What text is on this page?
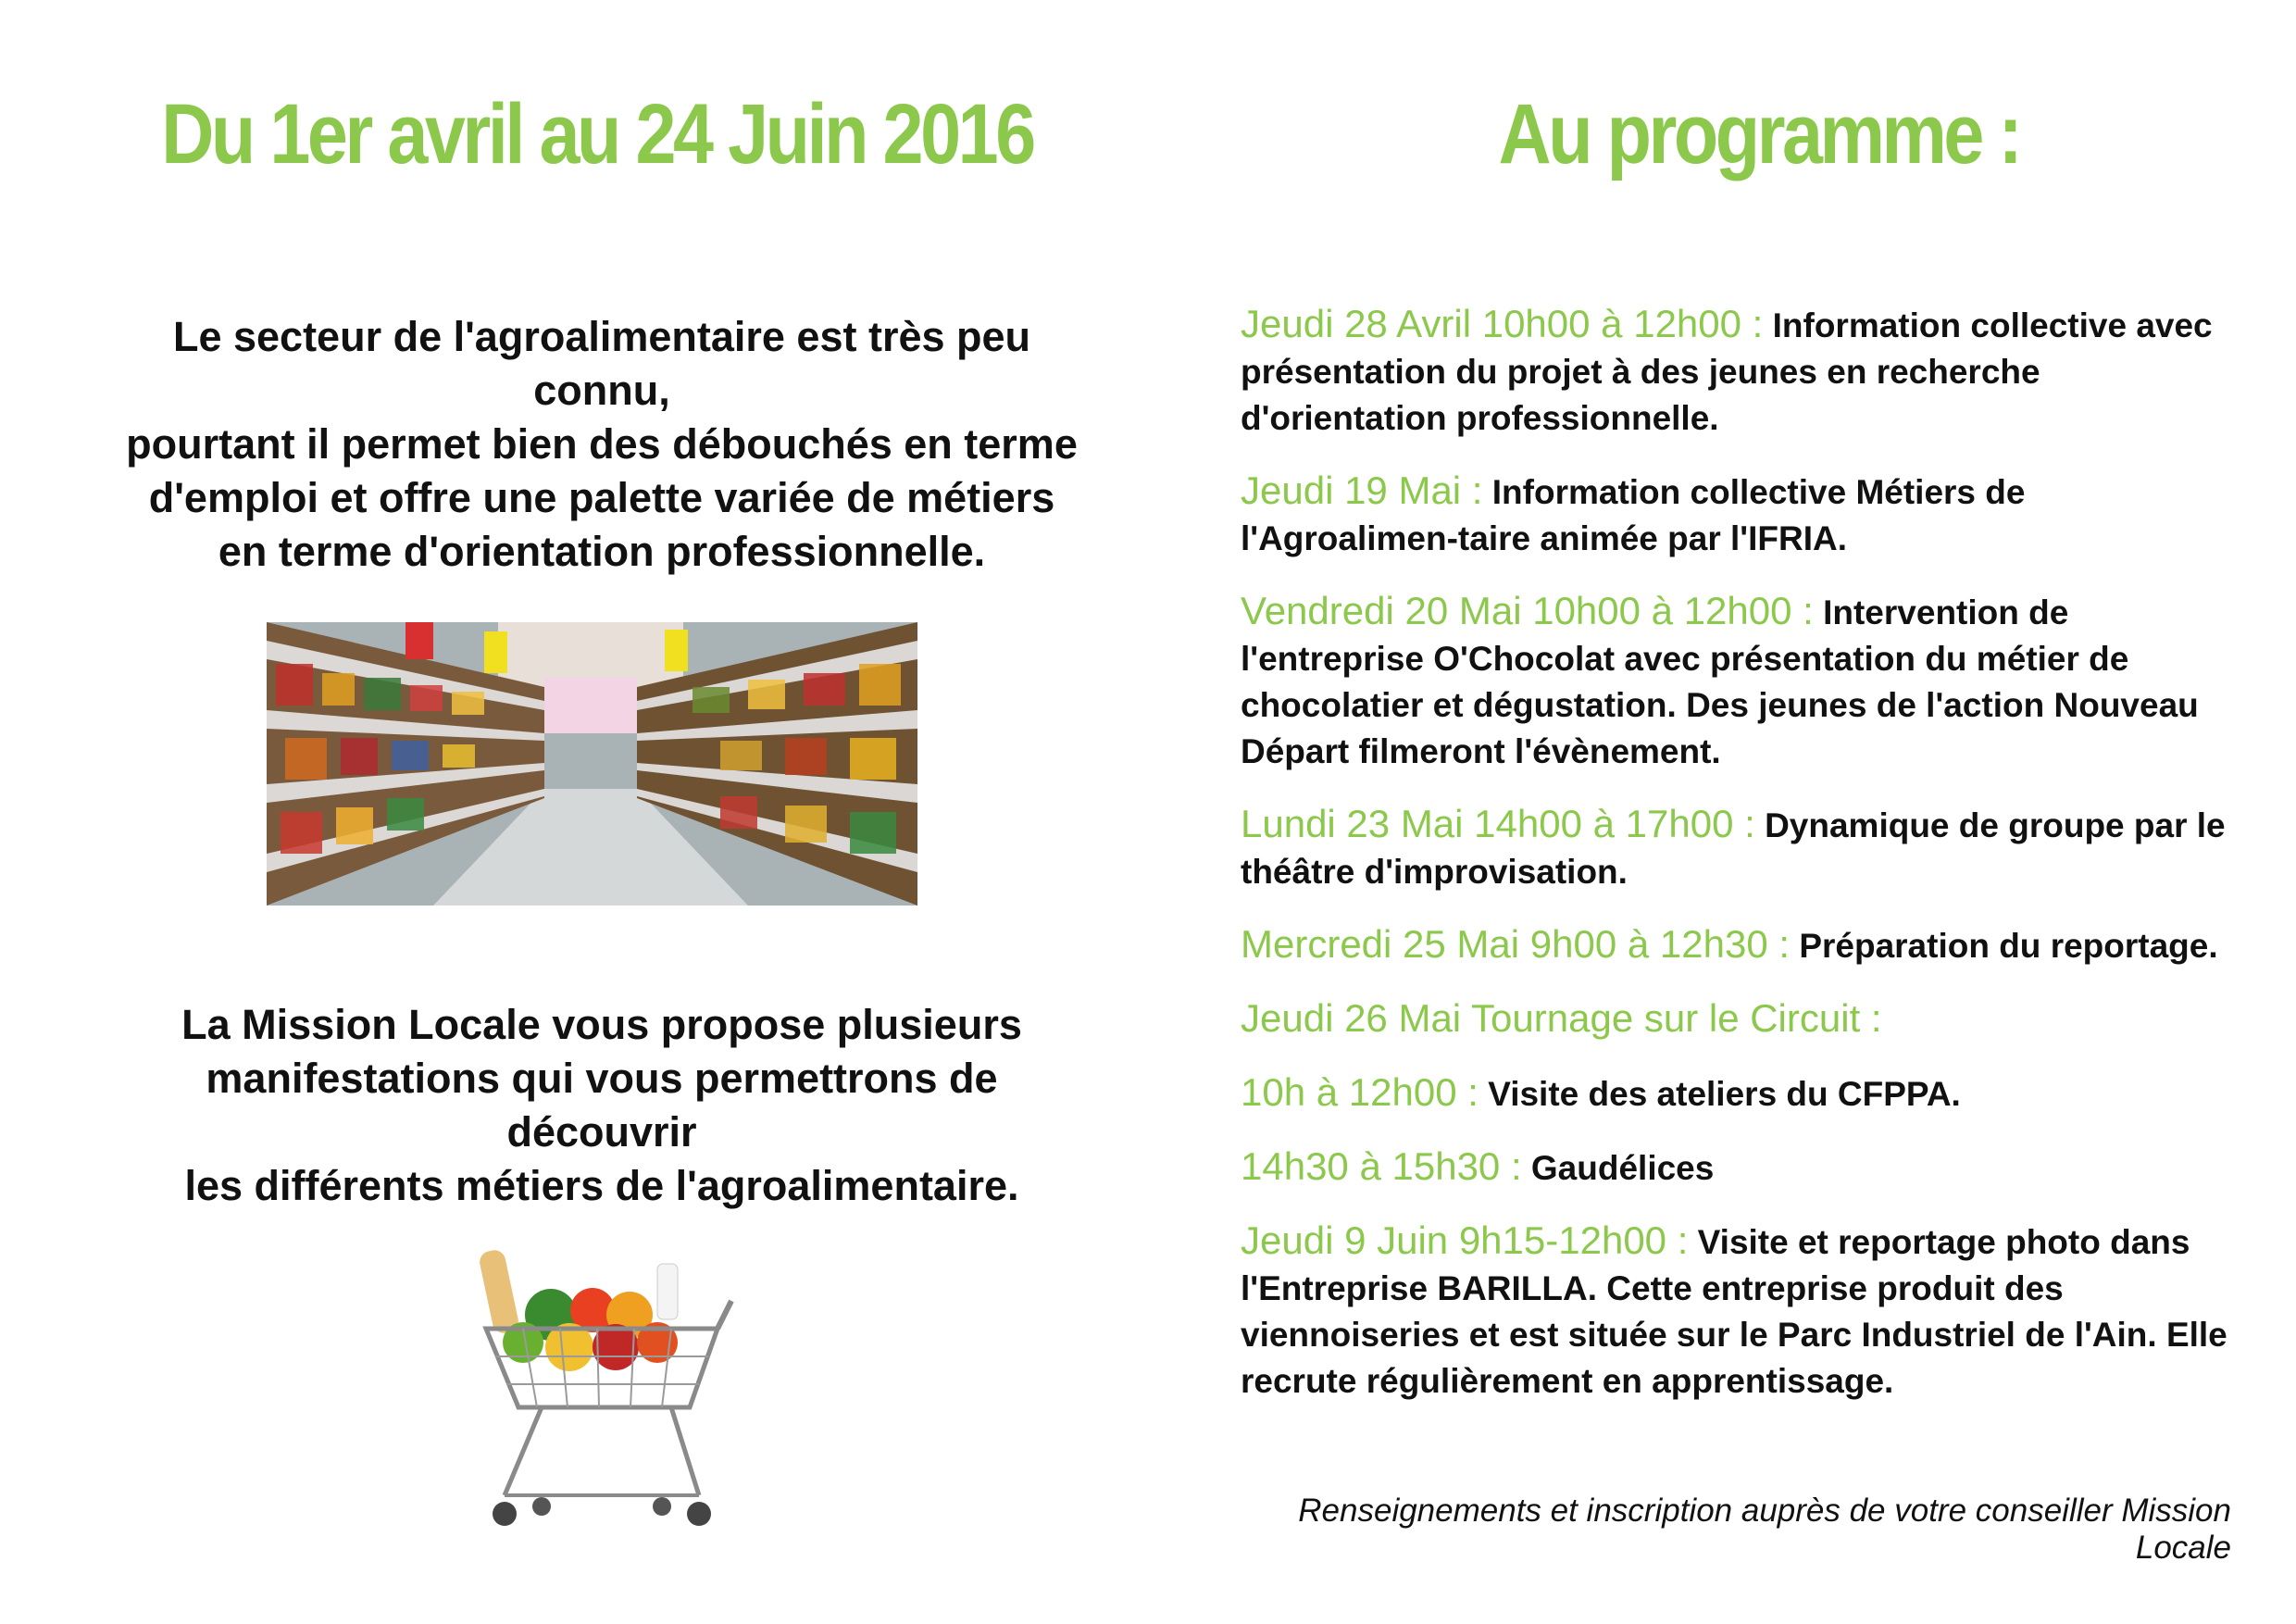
Du 1er avril au 24 Juin 2016	Au programme :

Le secteur de l'agroalimentaire est très peu connu,
pourtant il permet bien des débouchés en terme
d'emploi et offre une palette variée de métiers
en terme d'orientation professionnelle.

La Mission Locale vous propose plusieurs
manifestations qui vous permettrons de découvrir
les différents métiers de l'agroalimentaire.

Jeudi 28 Avril 10h00 à 12h00 : Information collective avec présentation du projet à des jeunes en recherche d'orientation professionnelle.

Jeudi 19 Mai : Information collective Métiers de l'Agroalimen-taire animée par l'IFRIA.

Vendredi 20 Mai 10h00 à 12h00 : Intervention de l'entreprise O'Chocolat avec présentation du métier de chocolatier et dégustation. Des jeunes de l'action Nouveau Départ filmeront l'évènement.

Lundi 23 Mai 14h00 à 17h00 : Dynamique de groupe par le théâtre d'improvisation.

Mercredi 25 Mai 9h00 à 12h30 : Préparation du reportage.

Jeudi 26 Mai Tournage sur le Circuit :

10h à 12h00 : Visite des ateliers du CFPPA.

14h30 à 15h30 : Gaudélices

Jeudi 9 Juin 9h15-12h00 : Visite et reportage photo dans l'Entreprise BARILLA. Cette entreprise produit des viennoiseries et est située sur le Parc Industriel de l'Ain. Elle recrute régulièrement en apprentissage.

Renseignements et inscription auprès de votre conseiller Mission Locale
